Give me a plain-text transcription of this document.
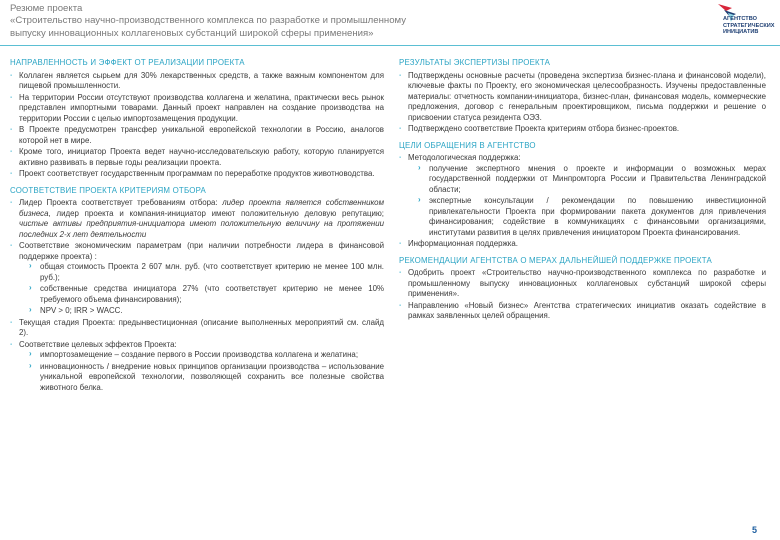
Резюме проекта
«Строительство научно-производственного комплекса по разработке и промышленному
выпуску инновационных коллагеновых субстанций широкой сферы применения»
АГЕНТСТВО
СТРАТЕГИЧЕСКИХ
ИНИЦИАТИВ
НАПРАВЛЕННОСТЬ И ЭФФЕКТ ОТ РЕАЛИЗАЦИИ ПРОЕКТА
▪ Коллаген является сырьем для 30% лекарственных средств, а также важным компонентом для пищевой промышленности.
▪ На территории России отсутствуют производства коллагена и желатина, практически весь рынок представлен импортными товарами. Данный проект направлен на создание производства на территории России с целью импортозамещения продукции.
▪ В Проекте предусмотрен трансфер уникальной европейской технологии в Россию, аналогов которой нет в мире.
▪ Кроме того, инициатор Проекта ведет научно-исследовательскую работу, которую планируется активно развивать в первые годы реализации проекта.
▪ Проект соответствует государственным программам по переработке продуктов животноводства.
СООТВЕТСТВИЕ ПРОЕКТА КРИТЕРИЯМ ОТБОРА
▪ Лидер Проекта соответствует требованиям отбора: лидер проекта является собственником бизнеса, лидер проекта и компания-инициатор имеют положительную деловую репутацию; чистые активы предприятия-инициатора имеют положительную величину на протяжении последних 2-х лет деятельности
▪ Соответствие экономическим параметрам (при наличии потребности лидера в финансовой поддержке проекта) :
› общая стоимость Проекта 2 607 млн. руб. (что соответствует критерию не менее 100 млн. руб.);
› собственные средства инициатора 27% (что соответствует критерию не менее 10% требуемого объема финансирования);
› NPV > 0; IRR > WACC.
▪ Текущая стадия Проекта: предынвестиционная (описание выполненных мероприятий см. слайд 2).
▪ Соответствие целевых эффектов Проекта:
› импортозамещение – создание первого в России производства коллагена и желатина;
› инновационность / внедрение новых принципов организации производства – использование уникальной европейской технологии, позволяющей сохранить все полезные свойства животного белка.
РЕЗУЛЬТАТЫ ЭКСПЕРТИЗЫ ПРОЕКТА
▪ Подтверждены основные расчеты (проведена экспертиза бизнес-плана и финансовой модели), ключевые факты по Проекту, его экономическая целесообразность. Изучены предоставленные материалы: отчетность компании-инициатора, бизнес-план, финансовая модель, коммерческие предложения, договор с генеральным проектировщиком, письма поддержки и решение о присвоении статуса резидента ОЭЗ.
▪ Подтверждено соответствие Проекта критериям отбора бизнес-проектов.
ЦЕЛИ ОБРАЩЕНИЯ В АГЕНТСТВО
▪ Методологическая поддержка:
› получение экспертного мнения о проекте и информации о возможных мерах государственной поддержки от Минпромторга России и Правительства Ленинградской области;
› экспертные консультации / рекомендации по повышению инвестиционной привлекательности Проекта при формировании пакета документов для привлечения финансирования; содействие в коммуникациях с финансовыми организациями, институтами развития в целях привлечения инициатором Проекта финансирования.
▪ Информационная поддержка.
РЕКОМЕНДАЦИИ АГЕНТСТВА О МЕРАХ ДАЛЬНЕЙШЕЙ ПОДДЕРЖКЕ ПРОЕКТА
▪ Одобрить проект «Строительство научно-производственного комплекса по разработке и промышленному выпуску инновационных коллагеновых субстанций широкой сферы применения».
▪ Направлению «Новый бизнес» Агентства стратегических инициатив оказать содействие в рамках заявленных целей обращения.
5
